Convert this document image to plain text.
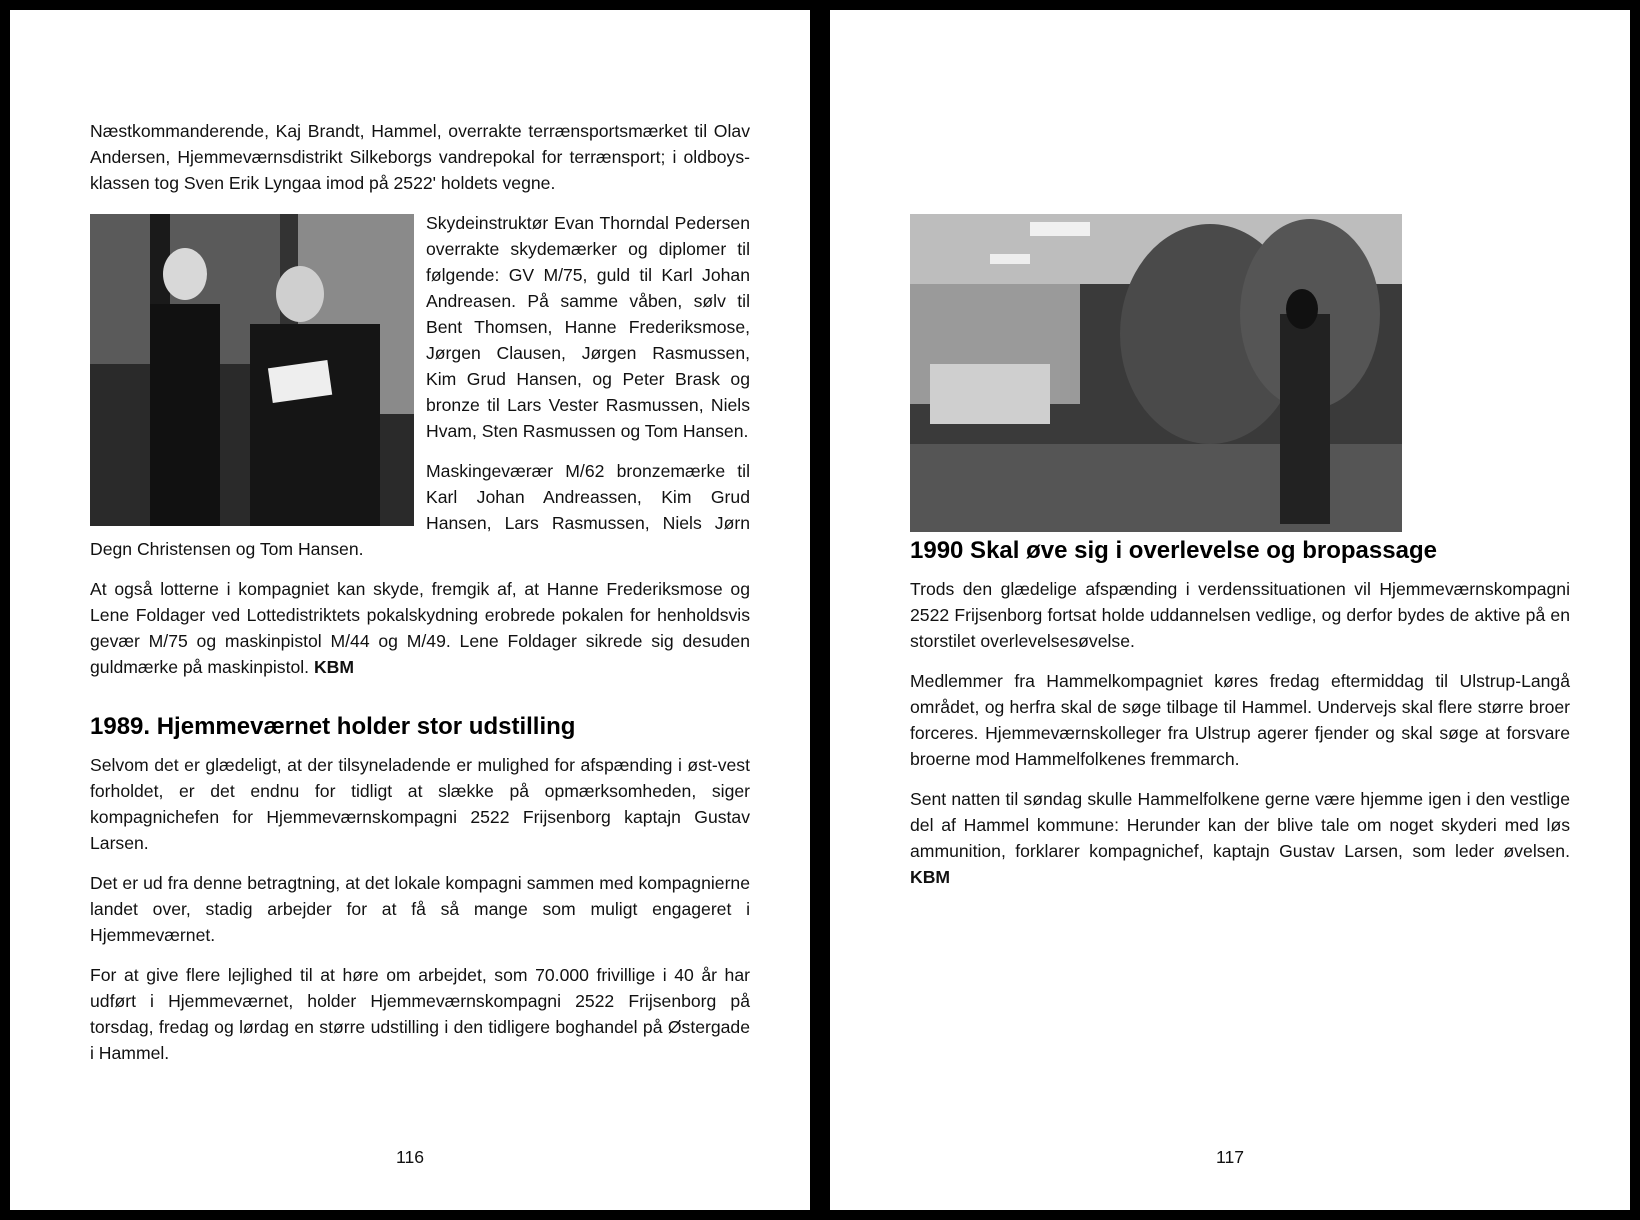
Næstkommanderende, Kaj Brandt, Hammel, overrakte terrænsportsmærket til Olav Andersen, Hjemmeværnsdistrikt Silkeborgs vandrepokal for terrænsport; i oldboys-klassen tog Sven Erik Lyngaa imod på 2522' holdets vegne.

Skydeinstruktør Evan Thorndal Pedersen overrakte skydemærker og diplomer til følgende: GV M/75, guld til Karl Johan Andreasen. På samme våben, sølv til Bent Thomsen, Hanne Frederiksmose, Jørgen Clausen, Jørgen Rasmussen, Kim Grud Hansen, og Peter Brask og bronze til Lars Vester Rasmussen, Niels Hvam, Sten Rasmussen og Tom Hansen.

Maskingeværær M/62 bronzemærke til Karl Johan Andreassen, Kim Grud Hansen, Lars Rasmussen, Niels Jørn Degn Christensen og Tom Hansen.

At også lotterne i kompagniet kan skyde, fremgik af, at Hanne Frederiksmose og Lene Foldager ved Lottedistriktets pokalskydning erobrede pokalen for henholdsvis gevær M/75 og maskinpistol M/44 og M/49. Lene Foldager sikrede sig desuden guldmærke på maskinpistol. KBM

1989. Hjemmeværnet holder stor udstilling

Selvom det er glædeligt, at der tilsyneladende er mulighed for afspænding i øst-vest forholdet, er det endnu for tidligt at slække på opmærksomheden, siger kompagnichefen for Hjemmeværnskompagni 2522 Frijsenborg kaptajn Gustav Larsen.

Det er ud fra denne betragtning, at det lokale kompagni sammen med kompagnierne landet over, stadig arbejder for at få så mange som muligt engageret i Hjemmeværnet.

For at give flere lejlighed til at høre om arbejdet, som 70.000 frivillige i 40 år har udført i Hjemmeværnet, holder Hjemmeværnskompagni 2522 Frijsenborg på torsdag, fredag og lørdag en større udstilling i den tidligere boghandel på Østergade i Hammel.

116

1990 Skal øve sig i overlevelse og bropassage

Trods den glædelige afspænding i verdenssituationen vil Hjemmeværnskompagni 2522 Frijsenborg fortsat holde uddannelsen vedlige, og derfor bydes de aktive på en storstilet overlevelsesøvelse.

Medlemmer fra Hammelkompagniet køres fredag eftermiddag til Ulstrup-Langå området, og herfra skal de søge tilbage til Hammel. Undervejs skal flere større broer forceres. Hjemmeværnskolleger fra Ulstrup agerer fjender og skal søge at forsvare broerne mod Hammelfolkenes fremmarch.

Sent natten til søndag skulle Hammelfolkene gerne være hjemme igen i den vestlige del af Hammel kommune: Herunder kan der blive tale om noget skyderi med løs ammunition, forklarer kompagnichef, kaptajn Gustav Larsen, som leder øvelsen. KBM

117
